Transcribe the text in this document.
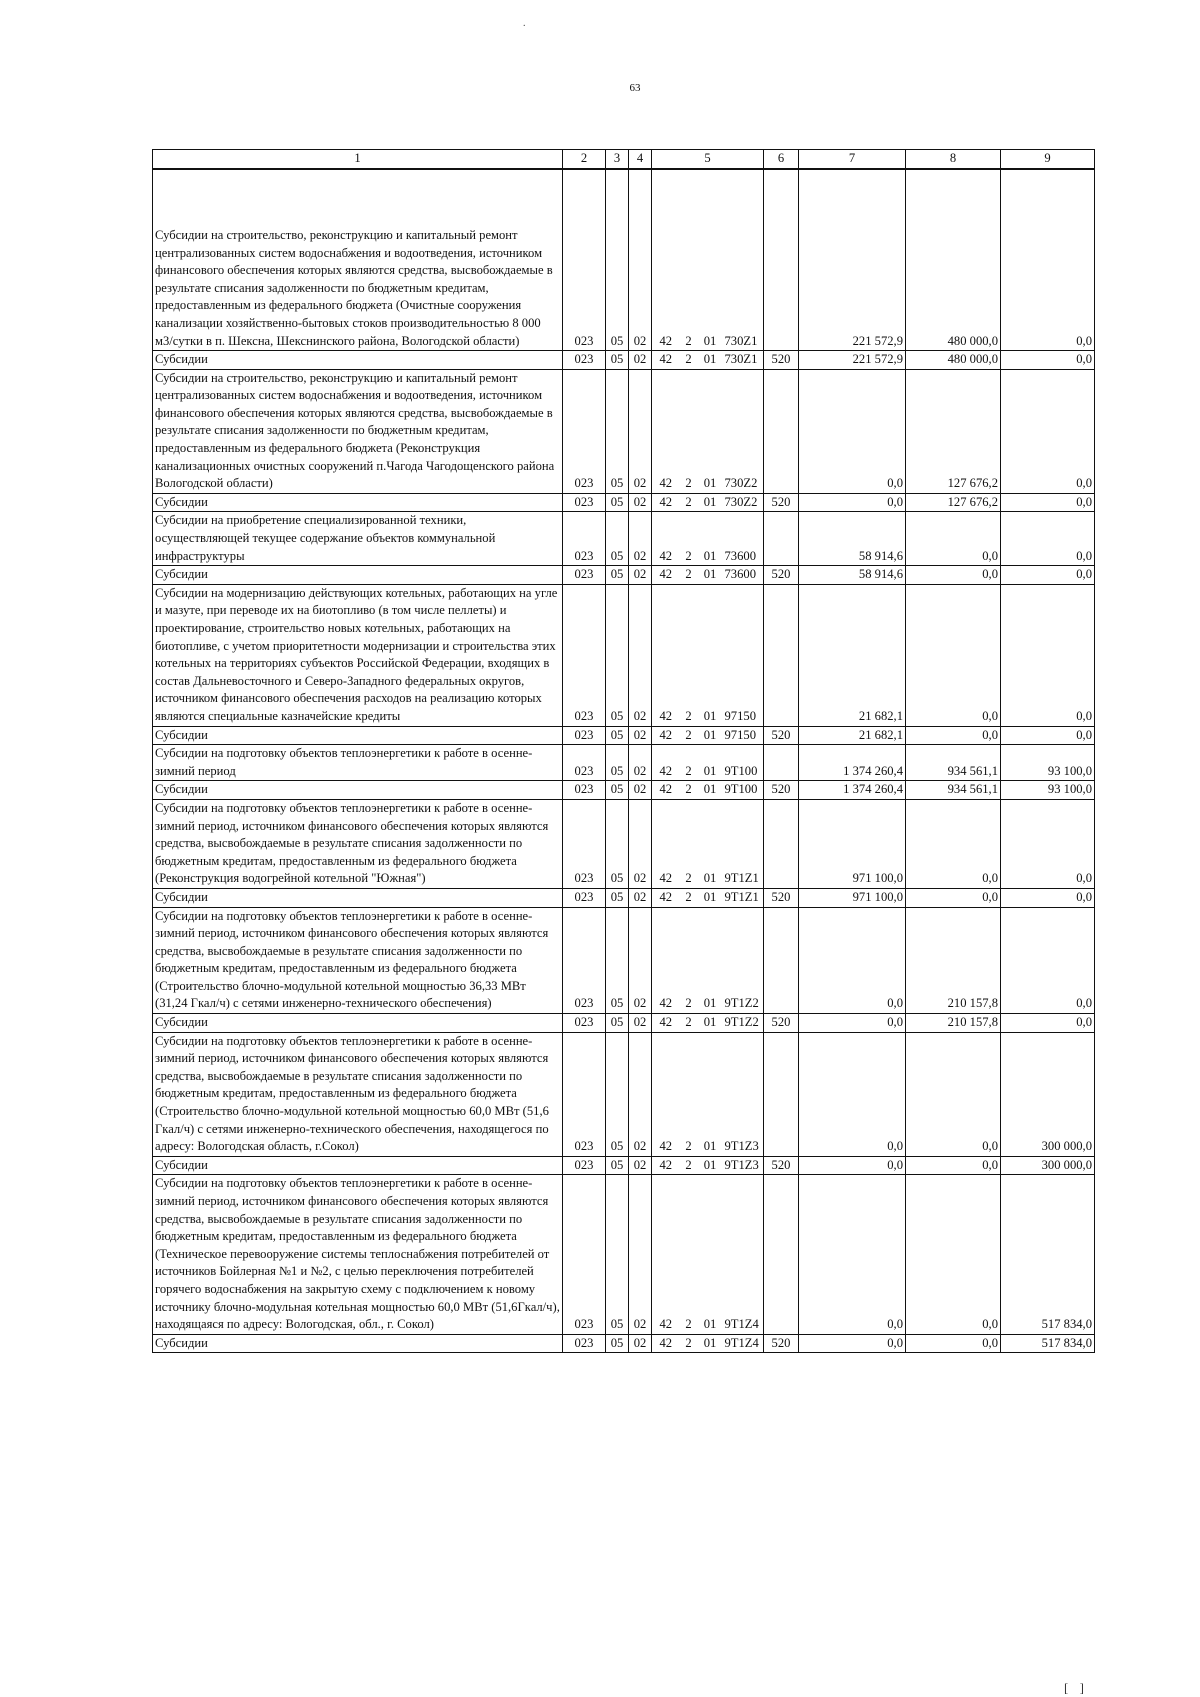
.
63
1	2	3	4	5				6	7	8	9
Субсидии на строительство, реконструкцию и капитальный ремонт централизованных систем водоснабжения и водоотведения, источником финансового обеспечения которых являются средства, высвобождаемые в результате списания задолженности по бюджетным кредитам, предоставленным из федерального бюджета (Очистные сооружения канализации хозяйственно-бытовых стоков производительностью 8 000 м3/сутки в п. Шексна, Шекснинского района, Вологодской области)	023	05	02	42	2	01	730Z1		221 572,9	480 000,0	0,0
Субсидии	023	05	02	42	2	01	730Z1	520	221 572,9	480 000,0	0,0
Субсидии на строительство, реконструкцию и капитальный ремонт централизованных систем водоснабжения и водоотведения, источником финансового обеспечения которых являются средства, высвобождаемые в результате списания задолженности по бюджетным кредитам, предоставленным из федерального бюджета (Реконструкция канализационных очистных сооружений п.Чагода Чагодощенского района Вологодской области)	023	05	02	42	2	01	730Z2		0,0	127 676,2	0,0
Субсидии	023	05	02	42	2	01	730Z2	520	0,0	127 676,2	0,0
Субсидии на приобретение специализированной техники, осуществляющей текущее содержание объектов коммунальной инфраструктуры	023	05	02	42	2	01	73600		58 914,6	0,0	0,0
Субсидии	023	05	02	42	2	01	73600	520	58 914,6	0,0	0,0
Субсидии на модернизацию действующих котельных, работающих на угле и мазуте, при переводе их на биотопливо (в том числе пеллеты) и проектирование, строительство новых котельных, работающих на биотопливе, с учетом приоритетности модернизации и строительства этих котельных на территориях субъектов Российской Федерации, входящих в состав Дальневосточного и Северо-Западного федеральных округов, источником финансового обеспечения расходов на реализацию которых являются специальные казначейские кредиты	023	05	02	42	2	01	97150		21 682,1	0,0	0,0
Субсидии	023	05	02	42	2	01	97150	520	21 682,1	0,0	0,0
Субсидии на подготовку объектов теплоэнергетики к работе в осенне-зимний период	023	05	02	42	2	01	9T100		1 374 260,4	934 561,1	93 100,0
Субсидии	023	05	02	42	2	01	9T100	520	1 374 260,4	934 561,1	93 100,0
Субсидии на подготовку объектов теплоэнергетики к работе в осенне-зимний период, источником финансового обеспечения которых являются средства, высвобождаемые в результате списания задолженности по бюджетным кредитам, предоставленным из федерального бюджета (Реконструкция водогрейной котельной "Южная")	023	05	02	42	2	01	9T1Z1		971 100,0	0,0	0,0
Субсидии	023	05	02	42	2	01	9T1Z1	520	971 100,0	0,0	0,0
Субсидии на подготовку объектов теплоэнергетики к работе в осенне-зимний период, источником финансового обеспечения которых являются средства, высвобождаемые в результате списания задолженности по бюджетным кредитам, предоставленным из федерального бюджета (Строительство блочно-модульной котельной мощностью 36,33 МВт (31,24 Гкал/ч) с сетями инженерно-технического обеспечения)	023	05	02	42	2	01	9T1Z2		0,0	210 157,8	0,0
Субсидии	023	05	02	42	2	01	9T1Z2	520	0,0	210 157,8	0,0
Субсидии на подготовку объектов теплоэнергетики к работе в осенне-зимний период, источником финансового обеспечения которых являются средства, высвобождаемые в результате списания задолженности по бюджетным кредитам, предоставленным из федерального бюджета (Строительство блочно-модульной котельной мощностью 60,0 МВт (51,6 Гкал/ч) с сетями инженерно-технического обеспечения, находящегося по адресу: Вологодская область, г.Сокол)	023	05	02	42	2	01	9T1Z3		0,0	0,0	300 000,0
Субсидии	023	05	02	42	2	01	9T1Z3	520	0,0	0,0	300 000,0
Субсидии на подготовку объектов теплоэнергетики к работе в осенне-зимний период, источником финансового обеспечения которых являются средства, высвобождаемые в результате списания задолженности по бюджетным кредитам, предоставленным из федерального бюджета (Техническое перевооружение системы теплоснабжения потребителей от источников Бойлерная №1 и №2, с целью переключения потребителей горячего водоснабжения на закрытую схему с подключением к новому источнику блочно-модульная котельная мощностью 60,0 МВт (51,6Гкал/ч), находящаяся по адресу: Вологодская, обл., г. Сокол)	023	05	02	42	2	01	9T1Z4		0,0	0,0	517 834,0
Субсидии	023	05	02	42	2	01	9T1Z4	520	0,0	0,0	517 834,0
[ ]
